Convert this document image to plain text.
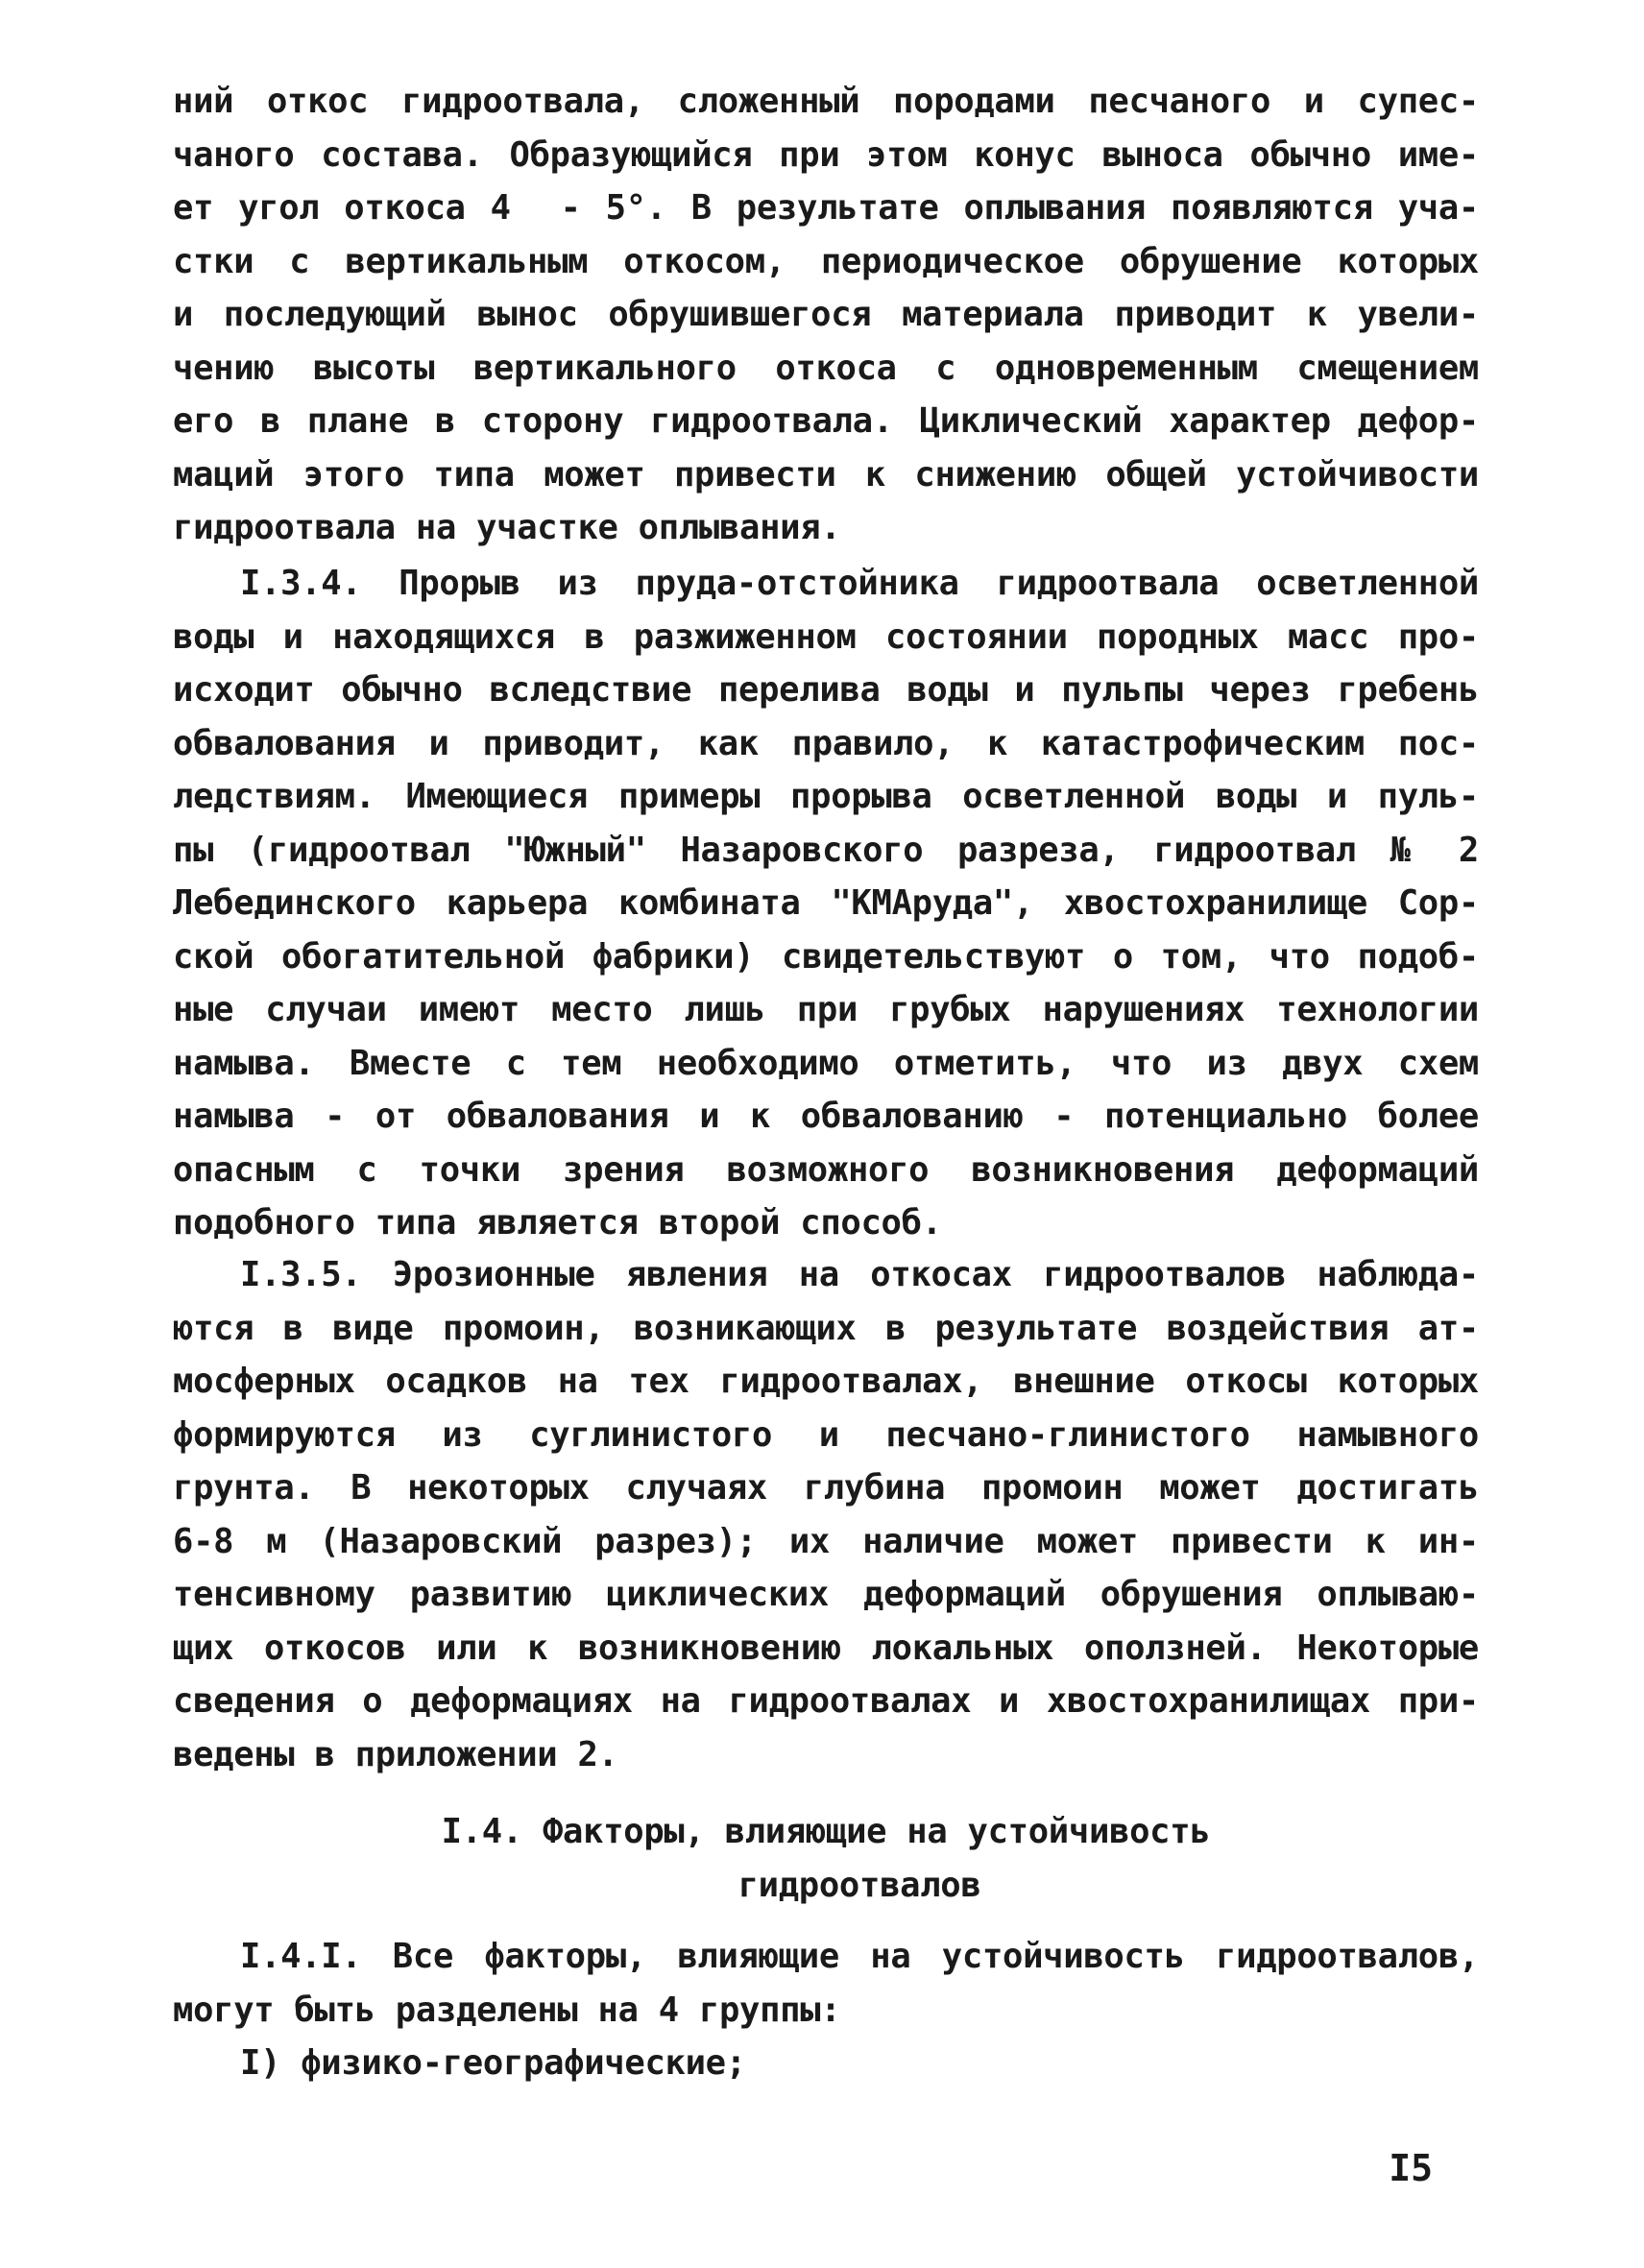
ний откос гидроотвала, сложенный породами песчаного и супес-
чаного состава. Образующийся при этом конус выноса обычно име-
ет угол откоса 4  - 5°. В результате оплывания появляются уча-
стки с вертикальным откосом, периодическое обрушение которых
и последующий вынос обрушившегося материала приводит к увели-
чению высоты вертикального откоса с одновременным смещением
его в плане в сторону гидроотвала. Циклический характер дефор-
маций этого типа может привести к снижению общей устойчивости
гидроотвала на участке оплывания.
I.3.4. Прорыв из пруда-отстойника гидроотвала осветленной
воды и находящихся в разжиженном состоянии породных масс про-
исходит обычно вследствие перелива воды и пульпы через гребень
обвалования и приводит, как правило, к катастрофическим пос-
ледствиям. Имеющиеся примеры прорыва осветленной воды и пуль-
пы (гидроотвал "Южный" Назаровского разреза, гидроотвал № 2
Лебединского карьера комбината "КМАруда", хвостохранилище Сор-
ской обогатительной фабрики) свидетельствуют о том, что подоб-
ные случаи имеют место лишь при грубых нарушениях технологии
намыва. Вместе с тем необходимо отметить, что из двух схем
намыва - от обвалования и к обвалованию - потенциально более
опасным с точки зрения возможного возникновения деформаций
подобного типа является второй способ.
I.3.5. Эрозионные явления на откосах гидроотвалов наблюда-
ются в виде промоин, возникающих в результате воздействия ат-
мосферных осадков на тех гидроотвалах, внешние откосы которых
формируются из суглинистого и песчано-глинистого намывного
грунта. В некоторых случаях глубина промоин может достигать
6-8 м (Назаровский разрез); их наличие может привести к ин-
тенсивному развитию циклических деформаций обрушения оплываю-
щих откосов или к возникновению локальных оползней. Некоторые
сведения о деформациях на гидроотвалах и хвостохранилищах при-
ведены в приложении 2.
I.4. Факторы, влияющие на устойчивость
гидроотвалов
I.4.I. Все факторы, влияющие на устойчивость гидроотвалов,
могут быть разделены на 4 группы:
I) физико-географические;
I5
